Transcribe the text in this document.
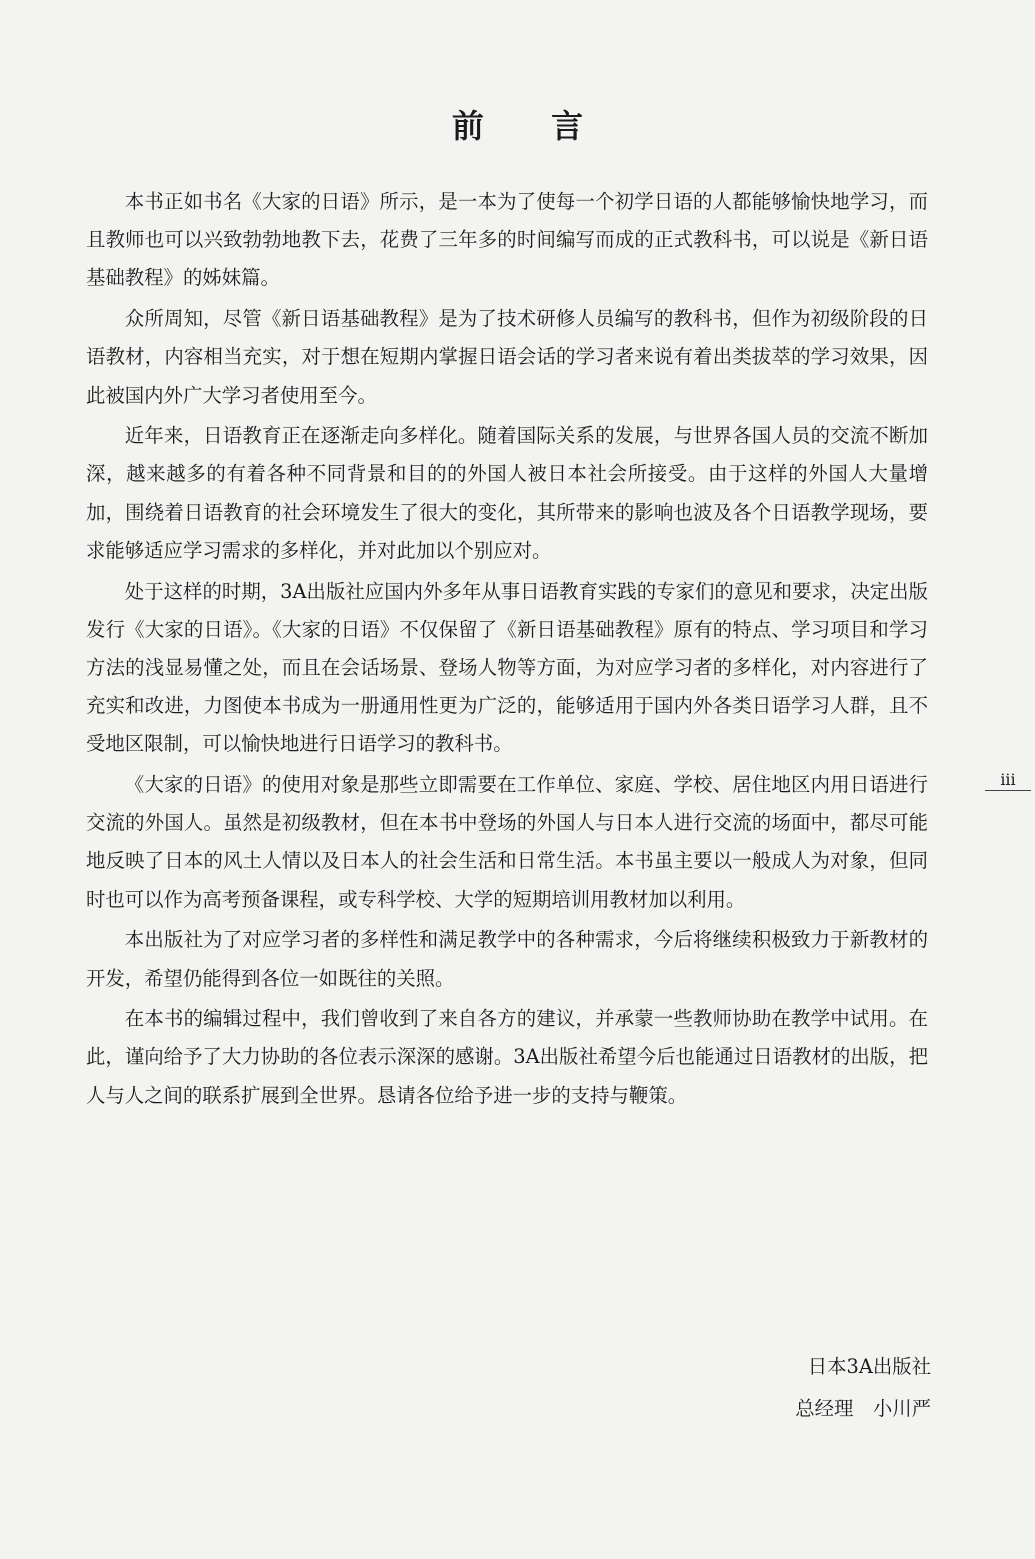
前 言

本书正如书名《大家的日语》所示，是一本为了使每一个初学日语的人都能够愉快地学习，而且教师也可以兴致勃勃地教下去，花费了三年多的时间编写而成的正式教科书，可以说是《新日语基础教程》的姊妹篇。

众所周知，尽管《新日语基础教程》是为了技术研修人员编写的教科书，但作为初级阶段的日语教材，内容相当充实，对于想在短期内掌握日语会话的学习者来说有着出类拔萃的学习效果，因此被国内外广大学习者使用至今。

近年来，日语教育正在逐渐走向多样化。随着国际关系的发展，与世界各国人员的交流不断加深，越来越多的有着各种不同背景和目的的外国人被日本社会所接受。由于这样的外国人大量增加，围绕着日语教育的社会环境发生了很大的变化，其所带来的影响也波及各个日语教学现场，要求能够适应学习需求的多样化，并对此加以个别应对。

处于这样的时期，3A出版社应国内外多年从事日语教育实践的专家们的意见和要求，决定出版发行《大家的日语》。《大家的日语》不仅保留了《新日语基础教程》原有的特点、学习项目和学习方法的浅显易懂之处，而且在会话场景、登场人物等方面，为对应学习者的多样化，对内容进行了充实和改进，力图使本书成为一册通用性更为广泛的，能够适用于国内外各类日语学习人群，且不受地区限制，可以愉快地进行日语学习的教科书。

《大家的日语》的使用对象是那些立即需要在工作单位、家庭、学校、居住地区内用日语进行交流的外国人。虽然是初级教材，但在本书中登场的外国人与日本人进行交流的场面中，都尽可能地反映了日本的风土人情以及日本人的社会生活和日常生活。本书虽主要以一般成人为对象，但同时也可以作为高考预备课程，或专科学校、大学的短期培训用教材加以利用。

本出版社为了对应学习者的多样性和满足教学中的各种需求，今后将继续积极致力于新教材的开发，希望仍能得到各位一如既往的关照。

在本书的编辑过程中，我们曾收到了来自各方的建议，并承蒙一些教师协助在教学中试用。在此，谨向给予了大力协助的各位表示深深的感谢。3A出版社希望今后也能通过日语教材的出版，把人与人之间的联系扩展到全世界。恳请各位给予进一步的支持与鞭策。

iii
日本3A出版社
总经理　小川严
